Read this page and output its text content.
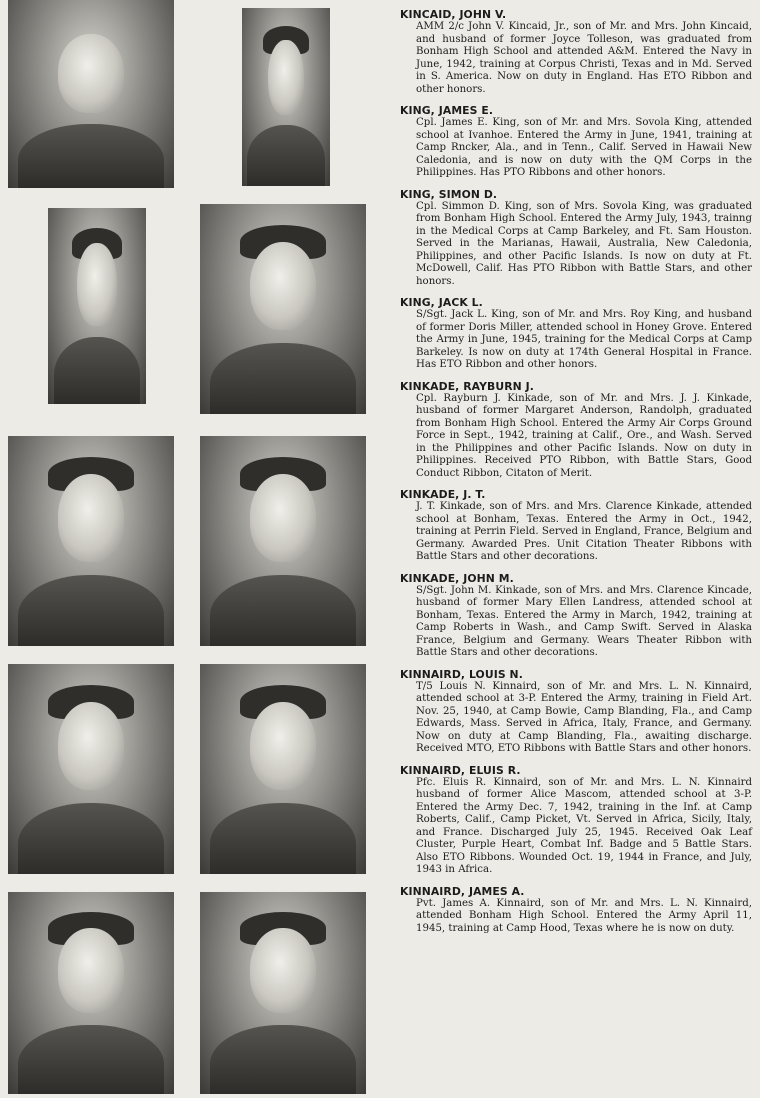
KINCAID, JOHN V.
AMM 2/c John V. Kincaid, Jr., son of Mr. and Mrs. John Kincaid, and husband of former Joyce Tolleson, was graduated from Bonham High School and attended A&M. Entered the Navy in June, 1942, training at Corpus Christi, Texas and in Md. Served in S. America. Now on duty in England. Has ETO Ribbon and other honors.
KING, JAMES E.
Cpl. James E. King, son of Mr. and Mrs. Sovola King, attended school at Ivanhoe. Entered the Army in June, 1941, training at Camp Rncker, Ala., and in Tenn., Calif. Served in Hawaii New Caledonia, and is now on duty with the QM Corps in the Philippines. Has PTO Ribbons and other honors.
KING, SIMON D.
Cpl. Simmon D. King, son of Mrs. Sovola King, was graduated from Bonham High School. Entered the Army July, 1943, trainng in the Medical Corps at Camp Barkeley, and Ft. Sam Houston. Served in the Marianas, Hawaii, Australia, New Caledonia, Philippines, and other Pacific Islands. Is now on duty at Ft. McDowell, Calif. Has PTO Ribbon with Battle Stars, and other honors.
KING, JACK L.
S/Sgt. Jack L. King, son of Mr. and Mrs. Roy King, and husband of former Doris Miller, attended school in Honey Grove. Entered the Army in June, 1945, training for the Medical Corps at Camp Barkeley. Is now on duty at 174th General Hospital in France. Has ETO Ribbon and other honors.
KINKADE, RAYBURN J.
Cpl. Rayburn J. Kinkade, son of Mr. and Mrs. J. J. Kinkade, husband of former Margaret Anderson, Randolph, graduated from Bonham High School. Entered the Army Air Corps Ground Force in Sept., 1942, training at Calif., Ore., and Wash. Served in the Philippines and other Pacific Islands. Now on duty in Philippines. Received PTO Ribbon, with Battle Stars, Good Conduct Ribbon, Citaton of Merit.
KINKADE, J. T.
J. T. Kinkade, son of Mrs. and Mrs. Clarence Kinkade, attended school at Bonham, Texas. Entered the Army in Oct., 1942, training at Perrin Field. Served in England, France, Belgium and Germany. Awarded Pres. Unit Citation Theater Ribbons with Battle Stars and other decorations.
KINKADE, JOHN M.
S/Sgt. John M. Kinkade, son of Mrs. and Mrs. Clarence Kincade, husband of former Mary Ellen Landress, attended school at Bonham, Texas. Entered the Army in March, 1942, training at Camp Roberts in Wash., and Camp Swift. Served in Alaska France, Belgium and Germany. Wears Theater Ribbon with Battle Stars and other decorations.
KINNAIRD, LOUIS N.
T/5 Louis N. Kinnaird, son of Mr. and Mrs. L. N. Kinnaird, attended school at 3-P. Entered the Army, training in Field Art. Nov. 25, 1940, at Camp Bowie, Camp Blanding, Fla., and Camp Edwards, Mass. Served in Africa, Italy, France, and Germany. Now on duty at Camp Blanding, Fla., awaiting discharge. Received MTO, ETO Ribbons with Battle Stars and other honors.
KINNAIRD, ELUIS R.
Pfc. Eluis R. Kinnaird, son of Mr. and Mrs. L. N. Kinnaird husband of former Alice Mascom, attended school at 3-P. Entered the Army Dec. 7, 1942, training in the Inf. at Camp Roberts, Calif., Camp Picket, Vt. Served in Africa, Sicily, Italy, and France. Discharged July 25, 1945. Received Oak Leaf Cluster, Purple Heart, Combat Inf. Badge and 5 Battle Stars. Also ETO Ribbons. Wounded Oct. 19, 1944 in France, and July, 1943 in Africa.
KINNAIRD, JAMES A.
Pvt. James A. Kinnaird, son of Mr. and Mrs. L. N. Kinnaird, attended Bonham High School. Entered the Army April 11, 1945, training at Camp Hood, Texas where he is now on duty.
